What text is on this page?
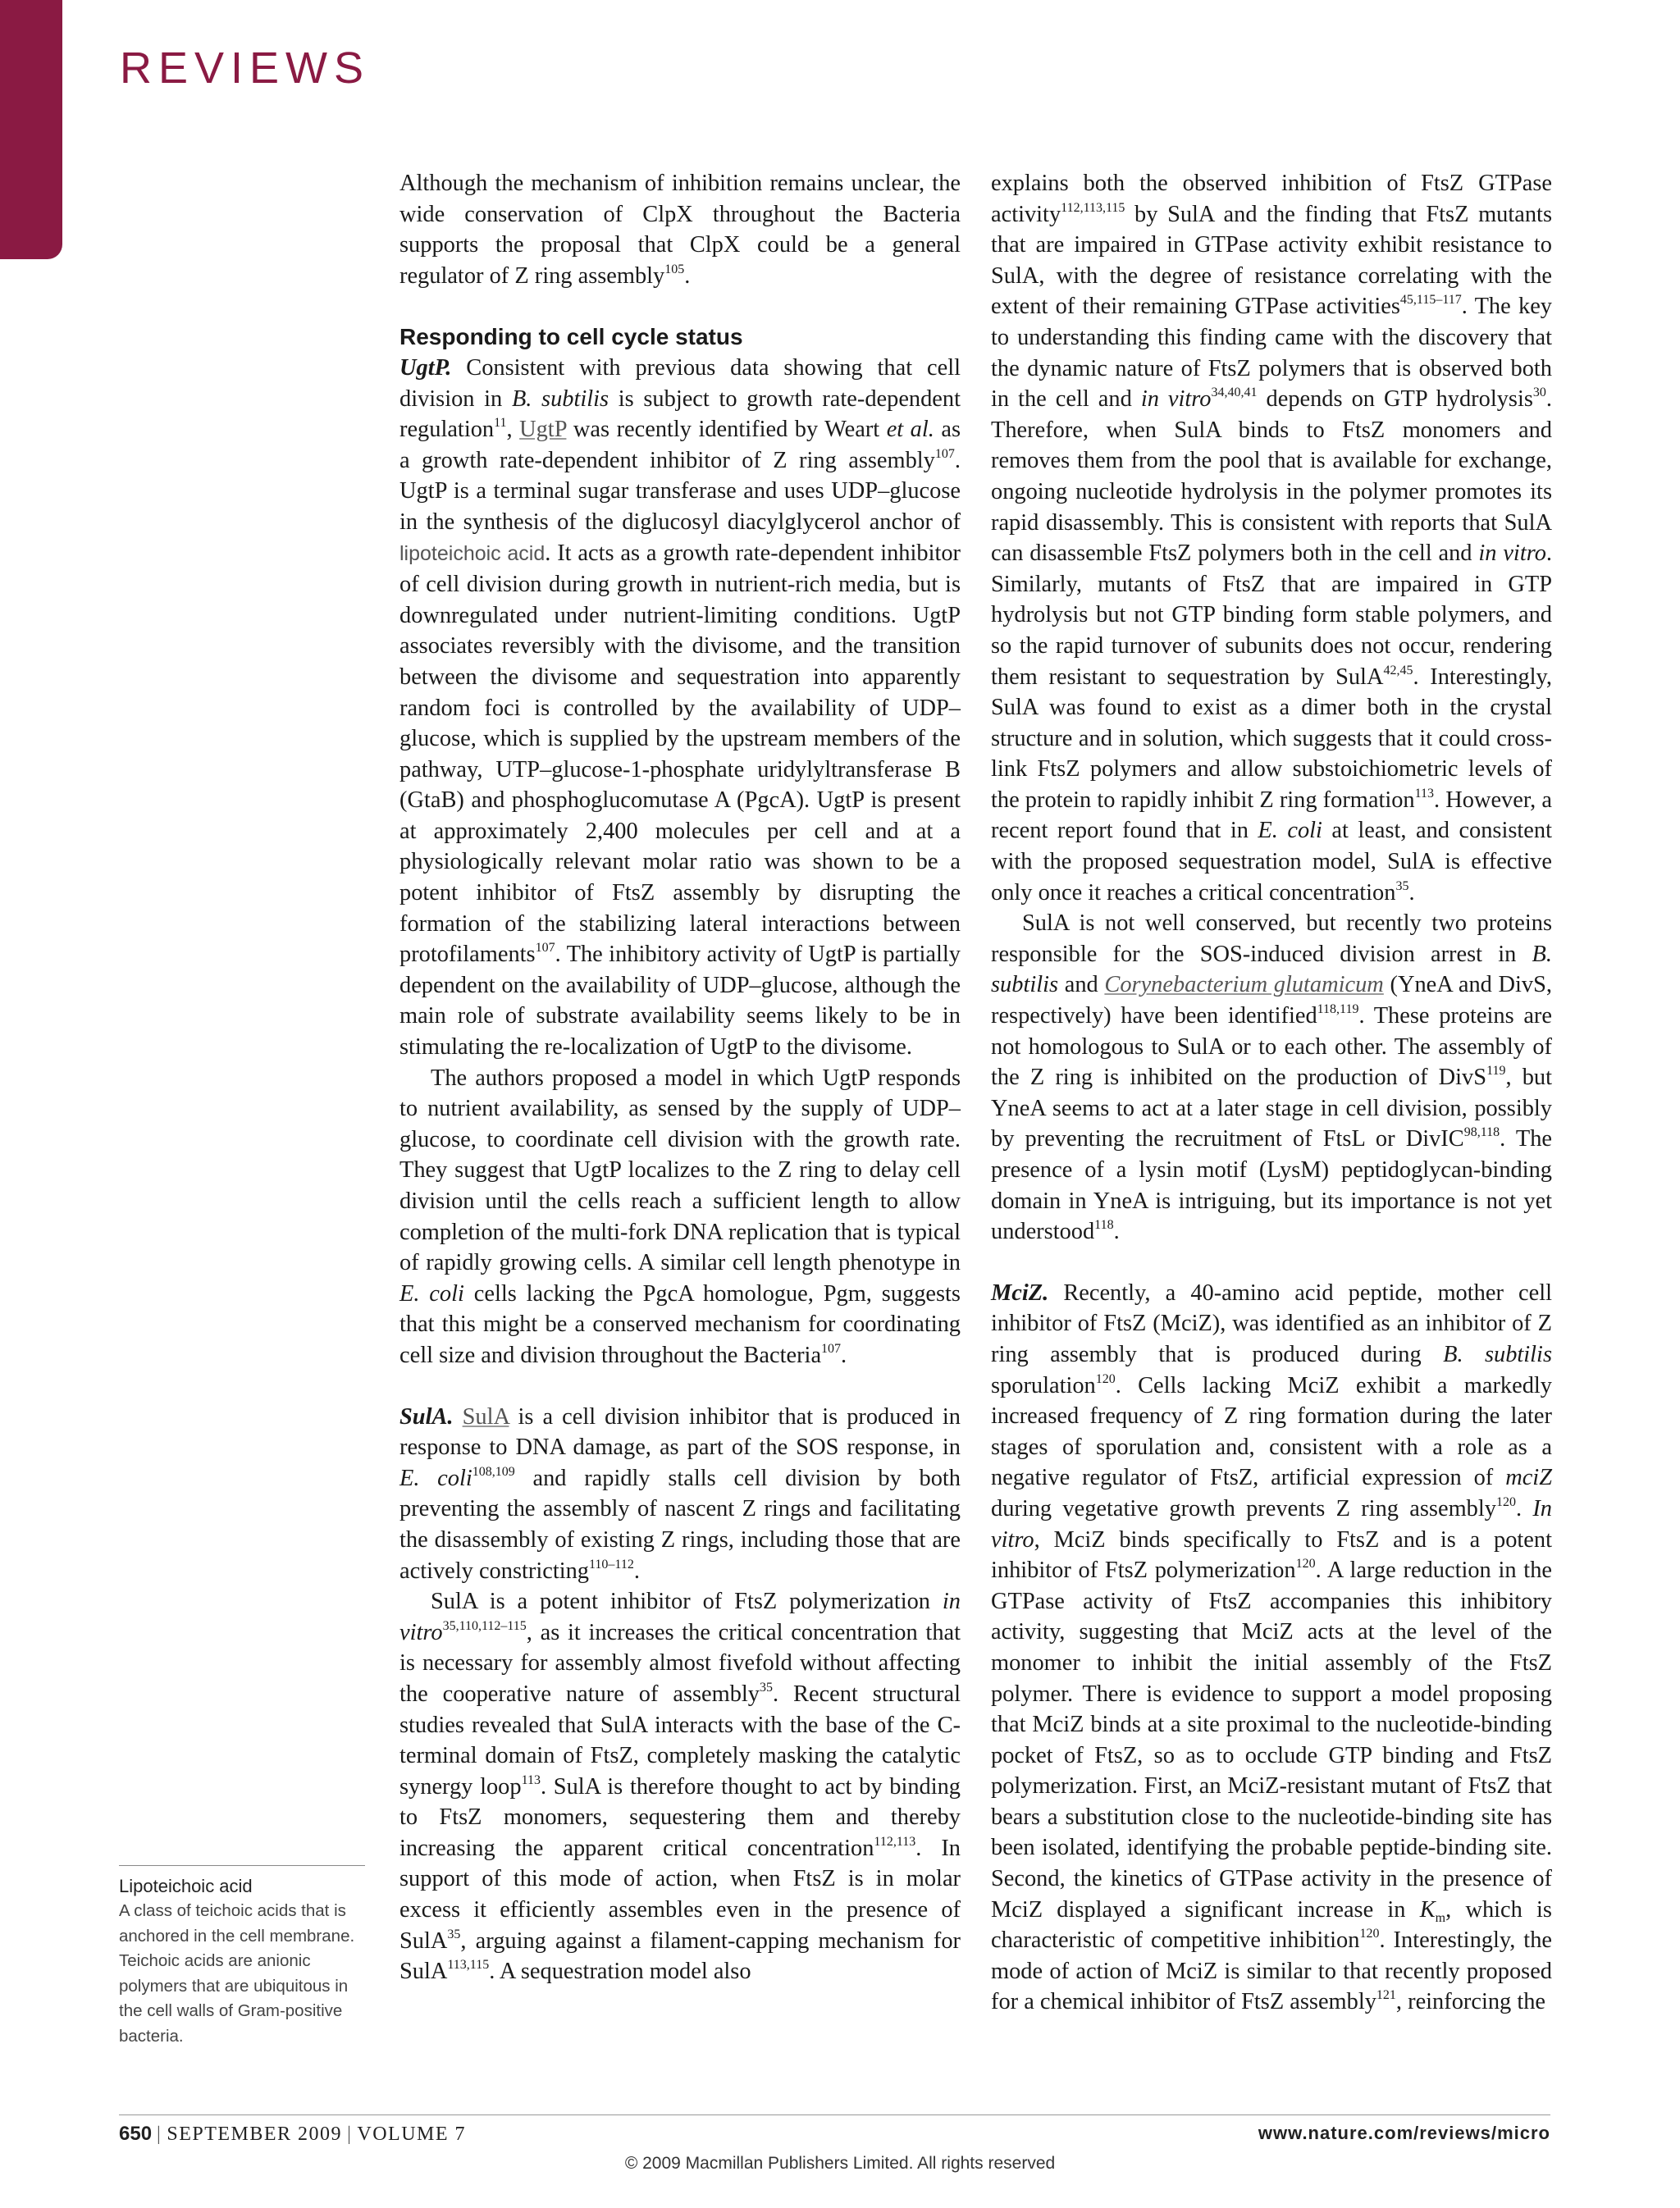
REVIEWS

Although the mechanism of inhibition remains unclear, the wide conservation of ClpX throughout the Bacteria supports the proposal that ClpX could be a general regulator of Z ring assembly$^{105}$.

Responding to cell cycle status

UgtP. Consistent with previous data showing that cell division in B. subtilis is subject to growth rate-dependent regulation$^{11}$, UgtP was recently identified by Weart et al. as a growth rate-dependent inhibitor of Z ring assembly$^{107}$. UgtP is a terminal sugar transferase and uses UDP–glucose in the synthesis of the diglucosyl diacylglycerol anchor of lipoteichoic acid. It acts as a growth rate-dependent inhibitor of cell division during growth in nutrient-rich media, but is downregulated under nutrient-limiting conditions. UgtP associates reversibly with the divisome, and the transition between the divisome and sequestration into apparently random foci is controlled by the availability of UDP–glucose, which is supplied by the upstream members of the pathway, UTP–glucose-1-phosphate uridylyltransferase B (GtaB) and phosphoglucomutase A (PgcA). UgtP is present at approximately 2,400 molecules per cell and at a physiologically relevant molar ratio was shown to be a potent inhibitor of FtsZ assembly by disrupting the formation of the stabilizing lateral interactions between protofilaments$^{107}$. The inhibitory activity of UgtP is partially dependent on the availability of UDP–glucose, although the main role of substrate availability seems likely to be in stimulating the re-localization of UgtP to the divisome.

The authors proposed a model in which UgtP responds to nutrient availability, as sensed by the supply of UDP–glucose, to coordinate cell division with the growth rate. They suggest that UgtP localizes to the Z ring to delay cell division until the cells reach a sufficient length to allow completion of the multi-fork DNA replication that is typical of rapidly growing cells. A similar cell length phenotype in E. coli cells lacking the PgcA homologue, Pgm, suggests that this might be a conserved mechanism for coordinating cell size and division throughout the Bacteria$^{107}$.

SulA. SulA is a cell division inhibitor that is produced in response to DNA damage, as part of the SOS response, in E. coli$^{108,109}$ and rapidly stalls cell division by both preventing the assembly of nascent Z rings and facilitating the disassembly of existing Z rings, including those that are actively constricting$^{110-112}$.

SulA is a potent inhibitor of FtsZ polymerization in vitro$^{35,110,112-115}$, as it increases the critical concentration that is necessary for assembly almost fivefold without affecting the cooperative nature of assembly$^{35}$. Recent structural studies revealed that SulA interacts with the base of the C-terminal domain of FtsZ, completely masking the catalytic synergy loop$^{113}$. SulA is therefore thought to act by binding to FtsZ monomers, sequestering them and thereby increasing the apparent critical concentration$^{112,113}$. In support of this mode of action, when FtsZ is in molar excess it efficiently assembles even in the presence of SulA$^{35}$, arguing against a filament-capping mechanism for SulA$^{113,115}$. A sequestration model also

explains both the observed inhibition of FtsZ GTPase activity$^{112,113,115}$ by SulA and the finding that FtsZ mutants that are impaired in GTPase activity exhibit resistance to SulA, with the degree of resistance correlating with the extent of their remaining GTPase activities$^{45,115-117}$. The key to understanding this finding came with the discovery that the dynamic nature of FtsZ polymers that is observed both in the cell and in vitro$^{34,40,41}$ depends on GTP hydrolysis$^{30}$. Therefore, when SulA binds to FtsZ monomers and removes them from the pool that is available for exchange, ongoing nucleotide hydrolysis in the polymer promotes its rapid disassembly. This is consistent with reports that SulA can disassemble FtsZ polymers both in the cell and in vitro. Similarly, mutants of FtsZ that are impaired in GTP hydrolysis but not GTP binding form stable polymers, and so the rapid turnover of subunits does not occur, rendering them resistant to sequestration by SulA$^{42,45}$. Interestingly, SulA was found to exist as a dimer both in the crystal structure and in solution, which suggests that it could cross-link FtsZ polymers and allow substoichiometric levels of the protein to rapidly inhibit Z ring formation$^{113}$. However, a recent report found that in E. coli at least, and consistent with the proposed sequestration model, SulA is effective only once it reaches a critical concentration$^{35}$.

SulA is not well conserved, but recently two proteins responsible for the SOS-induced division arrest in B. subtilis and Corynebacterium glutamicum (YneA and DivS, respectively) have been identified$^{118,119}$. These proteins are not homologous to SulA or to each other. The assembly of the Z ring is inhibited on the production of DivS$^{119}$, but YneA seems to act at a later stage in cell division, possibly by preventing the recruitment of FtsL or DivIC$^{98,118}$. The presence of a lysin motif (LysM) peptidoglycan-binding domain in YneA is intriguing, but its importance is not yet understood$^{118}$.

MciZ. Recently, a 40-amino acid peptide, mother cell inhibitor of FtsZ (MciZ), was identified as an inhibitor of Z ring assembly that is produced during B. subtilis sporulation$^{120}$. Cells lacking MciZ exhibit a markedly increased frequency of Z ring formation during the later stages of sporulation and, consistent with a role as a negative regulator of FtsZ, artificial expression of mciZ during vegetative growth prevents Z ring assembly$^{120}$. In vitro, MciZ binds specifically to FtsZ and is a potent inhibitor of FtsZ polymerization$^{120}$. A large reduction in the GTPase activity of FtsZ accompanies this inhibitory activity, suggesting that MciZ acts at the level of the monomer to inhibit the initial assembly of the FtsZ polymer. There is evidence to support a model proposing that MciZ binds at a site proximal to the nucleotide-binding pocket of FtsZ, so as to occlude GTP binding and FtsZ polymerization. First, an MciZ-resistant mutant of FtsZ that bears a substitution close to the nucleotide-binding site has been isolated, identifying the probable peptide-binding site. Second, the kinetics of GTPase activity in the presence of MciZ displayed a significant increase in $K_m$, which is characteristic of competitive inhibition$^{120}$. Interestingly, the mode of action of MciZ is similar to that recently proposed for a chemical inhibitor of FtsZ assembly$^{121}$, reinforcing the

Lipoteichoic acid
A class of teichoic acids that is anchored in the cell membrane. Teichoic acids are anionic polymers that are ubiquitous in the cell walls of Gram-positive bacteria.
650 | SEPTEMBER 2009 | VOLUME 7	www.nature.com/reviews/micro
© 2009 Macmillan Publishers Limited. All rights reserved
